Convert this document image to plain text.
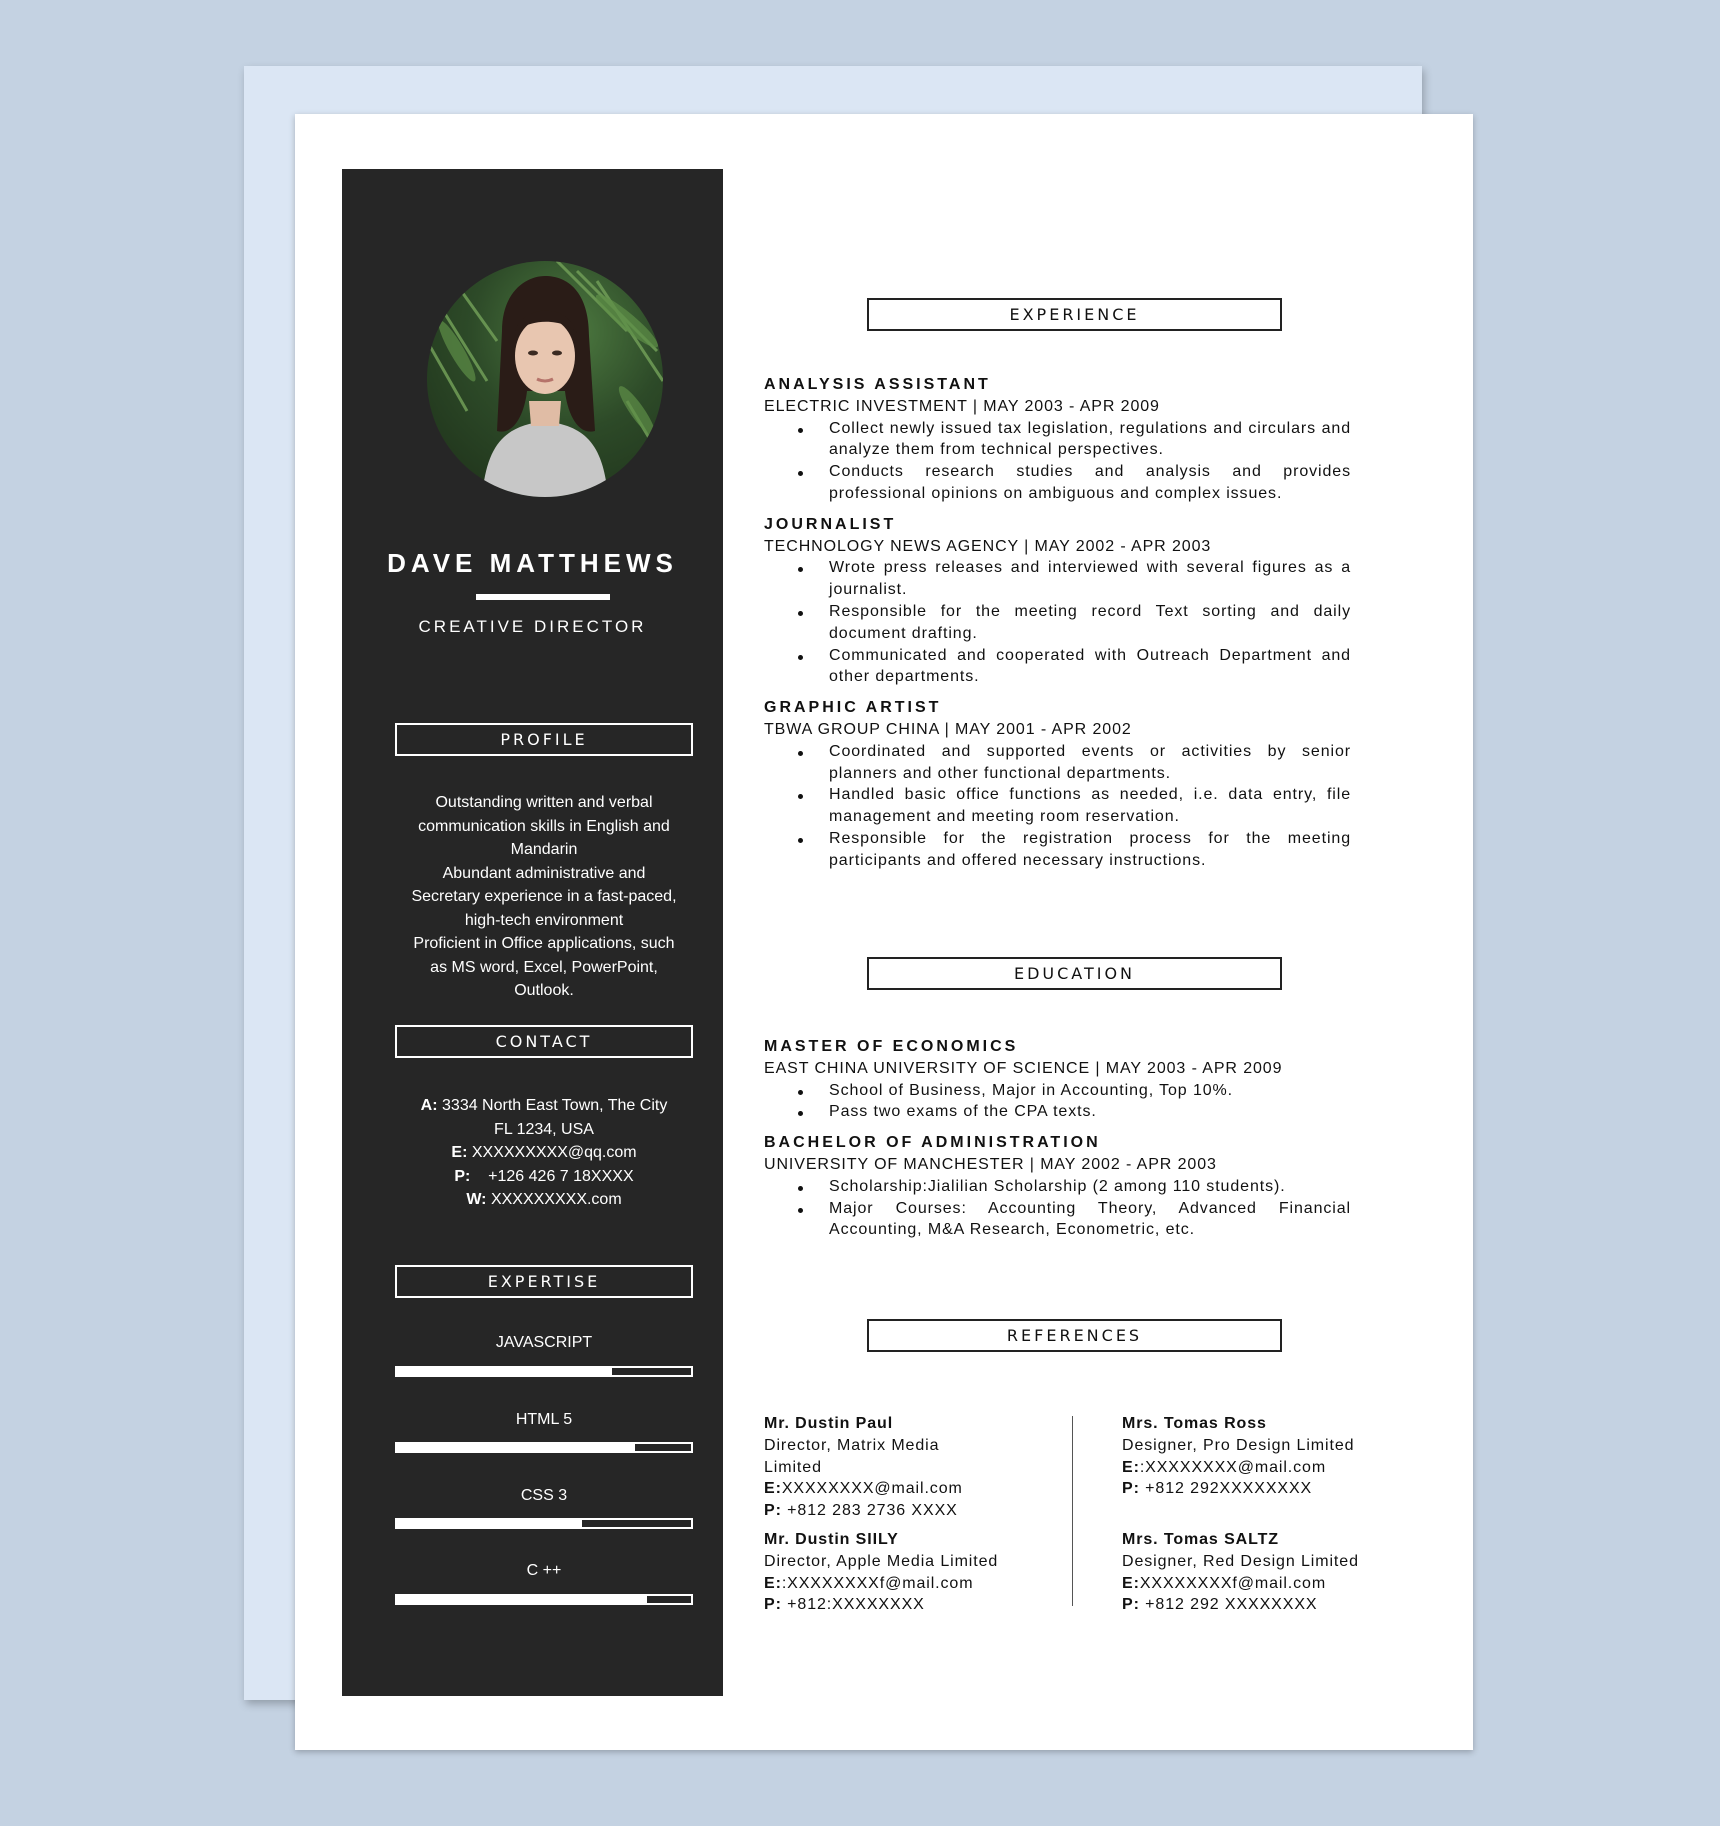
DAVE MATTHEWS
CREATIVE DIRECTOR
PROFILE
Outstanding written and verbal
communication skills in English and
Mandarin
Abundant administrative and
Secretary experience in a fast-paced,
high-tech environment
Proficient in Office applications, such
as MS word, Excel, PowerPoint,
Outlook.
CONTACT
A: 3334 North East Town, The City
FL 1234, USA
E: XXXXXXXXX@qq.com
P: +126 426 7 18XXXX
W: XXXXXXXXX.com
EXPERTISE
JAVASCRIPT
HTML 5
CSS 3
C ++
EXPERIENCE
ANALYSIS ASSISTANT
ELECTRIC INVESTMENT | MAY 2003 - APR 2009
Collect newly issued tax legislation, regulations and circulars and analyze them from technical perspectives.
Conducts research studies and analysis and provides professional opinions on ambiguous and complex issues.
JOURNALIST
TECHNOLOGY NEWS AGENCY | MAY 2002 - APR 2003
Wrote press releases and interviewed with several figures as a journalist.
Responsible for the meeting record Text sorting and daily document drafting.
Communicated and cooperated with Outreach Department and other departments.
GRAPHIC ARTIST
TBWA GROUP CHINA | MAY 2001 - APR 2002
Coordinated and supported events or activities by senior planners and other functional departments.
Handled basic office functions as needed, i.e. data entry, file management and meeting room reservation.
Responsible for the registration process for the meeting participants and offered necessary instructions.
EDUCATION
MASTER OF ECONOMICS
EAST CHINA UNIVERSITY OF SCIENCE | MAY 2003 - APR 2009
School of Business, Major in Accounting, Top 10%.
Pass two exams of the CPA texts.
BACHELOR OF ADMINISTRATION
UNIVERSITY OF MANCHESTER | MAY 2002 - APR 2003
Scholarship:Jialilian Scholarship (2 among 110 students).
Major Courses: Accounting Theory, Advanced Financial Accounting, M&A Research, Econometric, etc.
REFERENCES
Mr. Dustin Paul
Director, Matrix Media
Limited
E:XXXXXXXX@mail.com
P: +812 283 2736 XXXX
Mrs. Tomas Ross
Designer, Pro Design Limited
E::XXXXXXXX@mail.com
P: +812 292XXXXXXXX
Mr. Dustin SIILY
Director, Apple Media Limited
E::XXXXXXXXf@mail.com
P: +812:XXXXXXXX
Mrs. Tomas SALTZ
Designer, Red Design Limited
E:XXXXXXXXf@mail.com
P: +812 292 XXXXXXXX
